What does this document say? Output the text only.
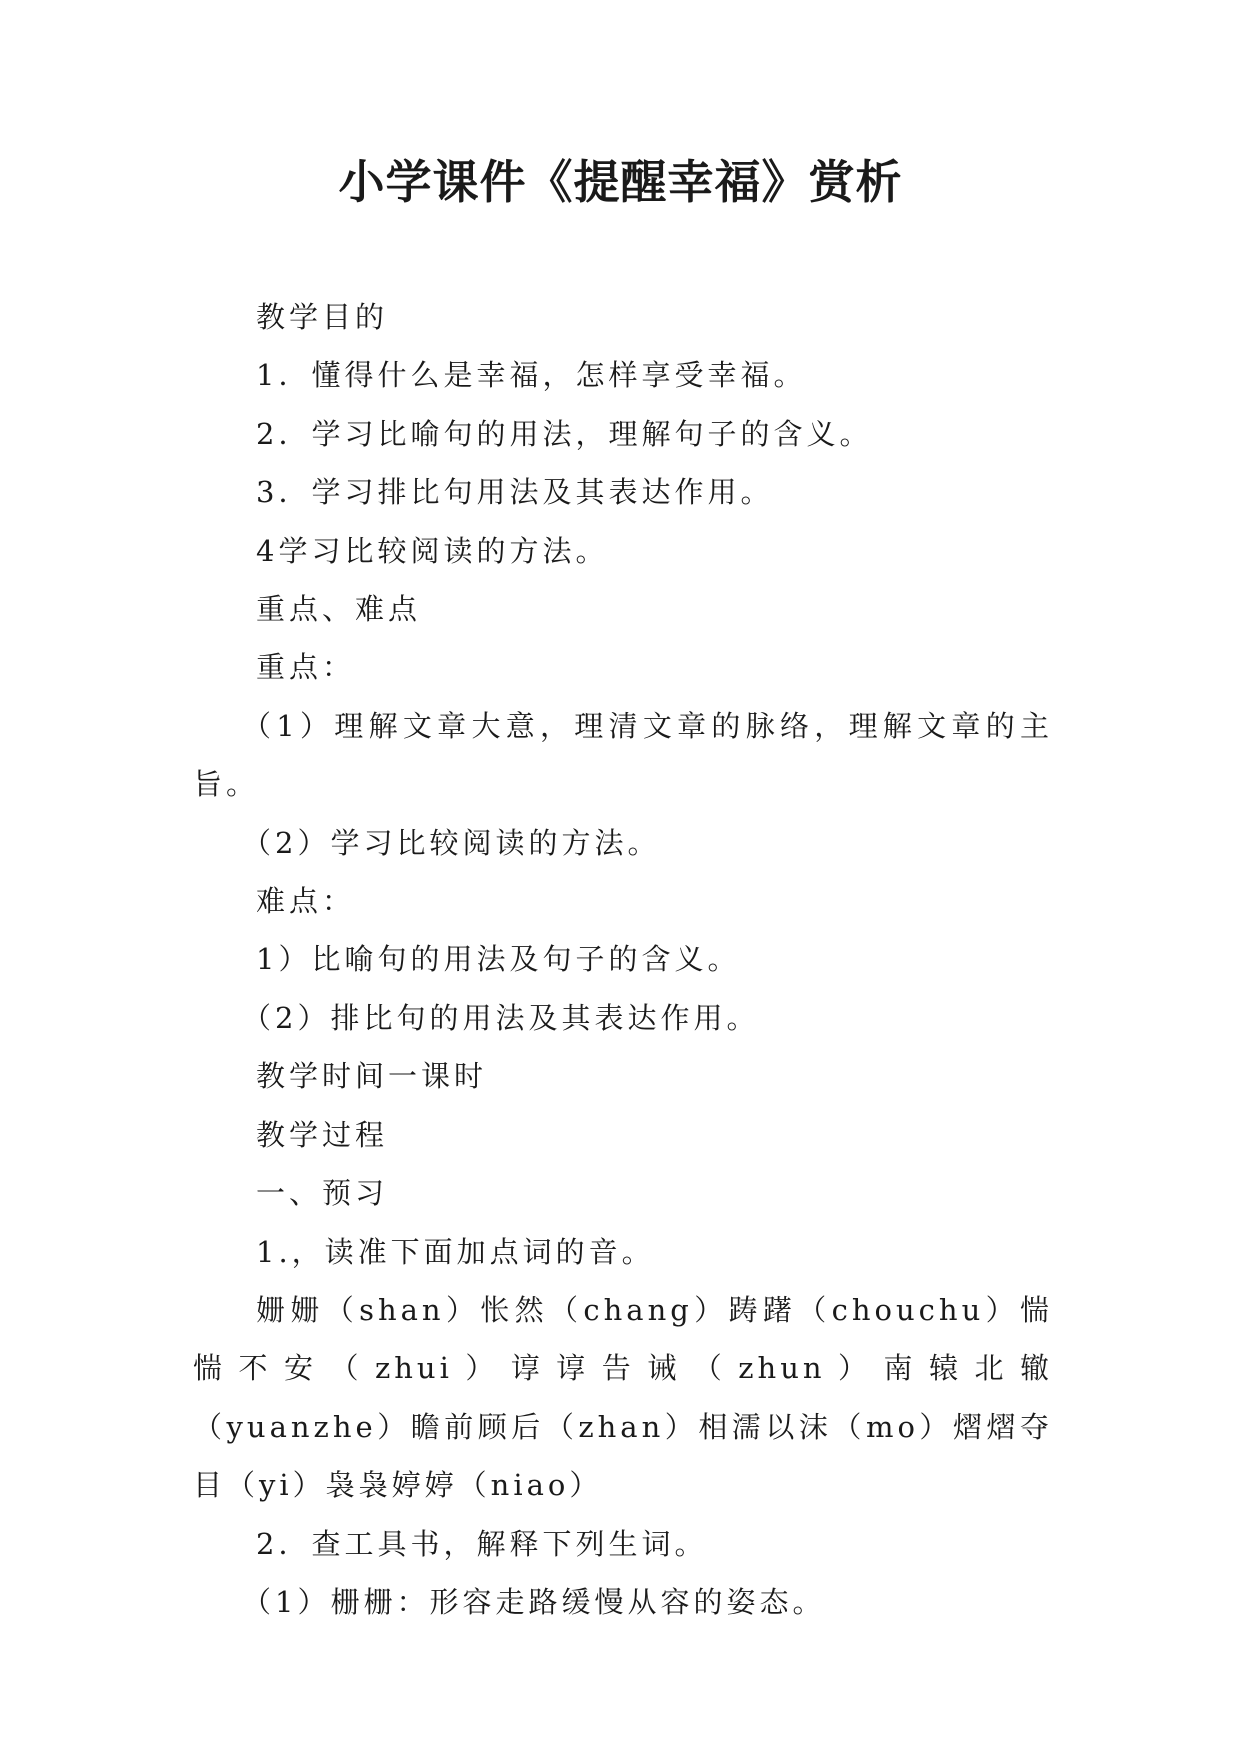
小学课件《提醒幸福》赏析

教学目的

1．懂得什么是幸福，怎样享受幸福。

2．学习比喻句的用法，理解句子的含义。

3．学习排比句用法及其表达作用。

4学习比较阅读的方法。

重点、难点

重点：

（1）理解文章大意，理清文章的脉络，理解文章的主旨。

（2）学习比较阅读的方法。

难点：

1）比喻句的用法及句子的含义。

（2）排比句的用法及其表达作用。

教学时间一课时

教学过程

一、预习

1.，读准下面加点词的音。

姗姗（shan）怅然（chang）踌躇（chouchu）惴惴不安（zhui）谆谆告诫（zhun）南辕北辙（yuanzhe）瞻前顾后（zhan）相濡以沫（mo）熠熠夺目（yi）袅袅婷婷（niao）

2．查工具书，解释下列生词。

（1）栅栅：形容走路缓慢从容的姿态。
